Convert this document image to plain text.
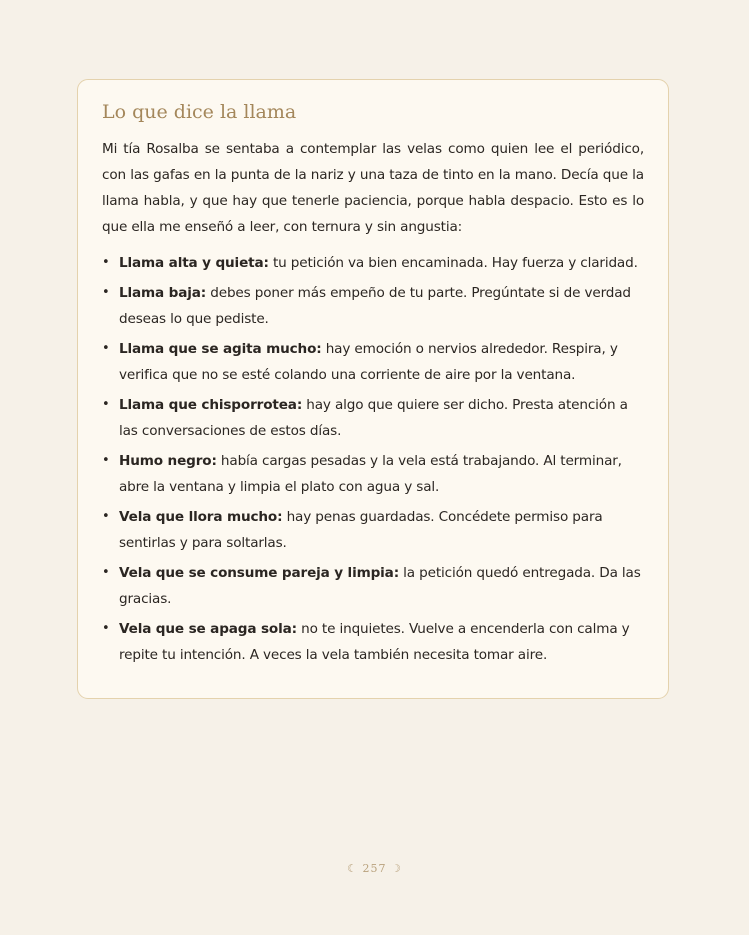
Lo que dice la llama

Mi tía Rosalba se sentaba a contemplar las velas como quien lee el periódico, con las gafas en la punta de la nariz y una taza de tinto en la mano. Decía que la llama habla, y que hay que tenerle paciencia, porque habla despacio. Esto es lo que ella me enseñó a leer, con ternura y sin angustia:

• Llama alta y quieta: tu petición va bien encaminada. Hay fuerza y claridad.
• Llama baja: debes poner más empeño de tu parte. Pregúntate si de verdad deseas lo que pediste.
• Llama que se agita mucho: hay emoción o nervios alrededor. Respira, y verifica que no se esté colando una corriente de aire por la ventana.
• Llama que chisporrotea: hay algo que quiere ser dicho. Presta atención a las conversaciones de estos días.
• Humo negro: había cargas pesadas y la vela está trabajando. Al terminar, abre la ventana y limpia el plato con agua y sal.
• Vela que llora mucho: hay penas guardadas. Concédete permiso para sentirlas y para soltarlas.
• Vela que se consume pareja y limpia: la petición quedó entregada. Da las gracias.
• Vela que se apaga sola: no te inquietes. Vuelve a encenderla con calma y repite tu intención. A veces la vela también necesita tomar aire.
☾ 257 ☽
